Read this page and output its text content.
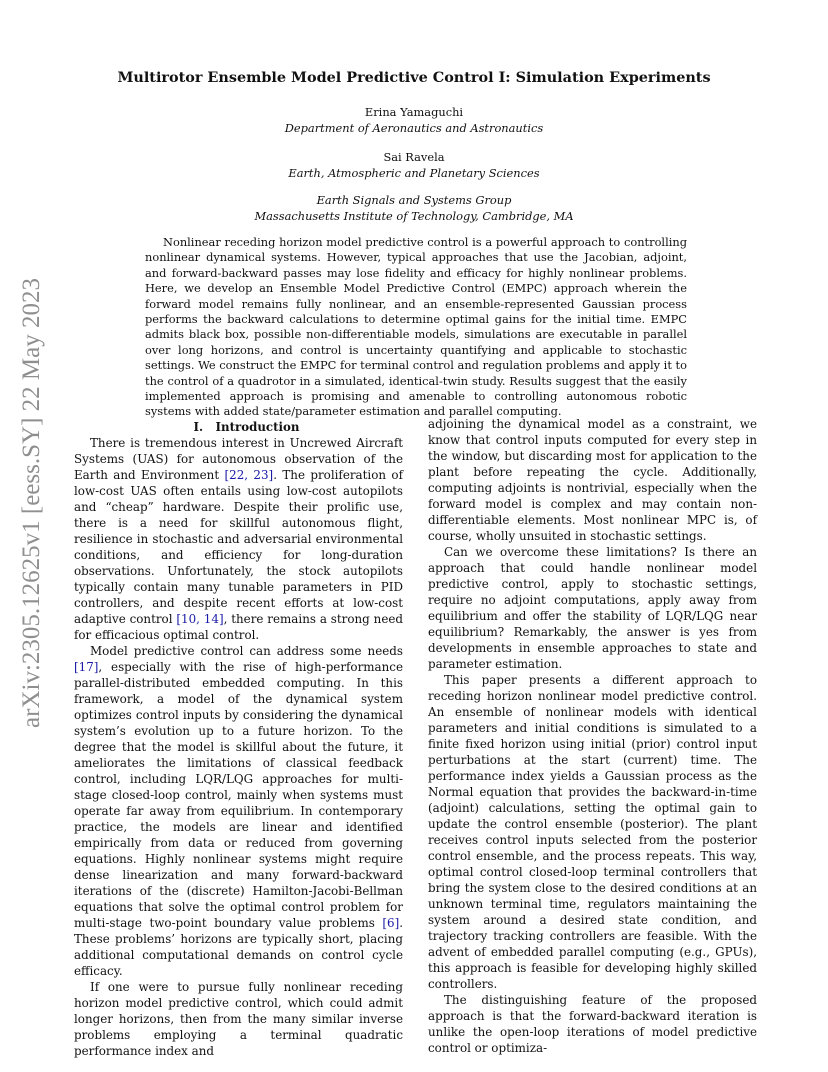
arXiv:2305.12625v1 [eess.SY] 22 May 2023
Multirotor Ensemble Model Predictive Control I: Simulation Experiments
Erina Yamaguchi
Department of Aeronautics and Astronautics
Sai Ravela
Earth, Atmospheric and Planetary Sciences
Earth Signals and Systems Group
Massachusetts Institute of Technology, Cambridge, MA

Nonlinear receding horizon model predictive control is a powerful approach to controlling nonlinear dynamical systems. However, typical approaches that use the Jacobian, adjoint, and forward-backward passes may lose fidelity and efficacy for highly nonlinear problems. Here, we develop an Ensemble Model Predictive Control (EMPC) approach wherein the forward model remains fully nonlinear, and an ensemble-represented Gaussian process performs the backward calculations to determine optimal gains for the initial time. EMPC admits black box, possible non-differentiable models, simulations are executable in parallel over long horizons, and control is uncertainty quantifying and applicable to stochastic settings. We construct the EMPC for terminal control and regulation problems and apply it to the control of a quadrotor in a simulated, identical-twin study. Results suggest that the easily implemented approach is promising and amenable to controlling autonomous robotic systems with added state/parameter estimation and parallel computing.

I. Introduction

There is tremendous interest in Uncrewed Aircraft Systems (UAS) for autonomous observation of the Earth and Environment [22, 23]. The proliferation of low-cost UAS often entails using low-cost autopilots and “cheap” hardware. Despite their prolific use, there is a need for skillful autonomous flight, resilience in stochastic and adversarial environmental conditions, and efficiency for long-duration observations. Unfortunately, the stock autopilots typically contain many tunable parameters in PID controllers, and despite recent efforts at low-cost adaptive control [10, 14], there remains a strong need for efficacious optimal control.

Model predictive control can address some needs [17], especially with the rise of high-performance parallel-distributed embedded computing. In this framework, a model of the dynamical system optimizes control inputs by considering the dynamical system’s evolution up to a future horizon. To the degree that the model is skillful about the future, it ameliorates the limitations of classical feedback control, including LQR/LQG approaches for multi-stage closed-loop control, mainly when systems must operate far away from equilibrium. In contemporary practice, the models are linear and identified empirically from data or reduced from governing equations. Highly nonlinear systems might require dense linearization and many forward-backward iterations of the (discrete) Hamilton-Jacobi-Bellman equations that solve the optimal control problem for multi-stage two-point boundary value problems [6]. These problems’ horizons are typically short, placing additional computational demands on control cycle efficacy.

If one were to pursue fully nonlinear receding horizon model predictive control, which could admit longer horizons, then from the many similar inverse problems employing a terminal quadratic performance index and

adjoining the dynamical model as a constraint, we know that control inputs computed for every step in the window, but discarding most for application to the plant before repeating the cycle. Additionally, computing adjoints is nontrivial, especially when the forward model is complex and may contain non-differentiable elements. Most nonlinear MPC is, of course, wholly unsuited in stochastic settings.

Can we overcome these limitations? Is there an approach that could handle nonlinear model predictive control, apply to stochastic settings, require no adjoint computations, apply away from equilibrium and offer the stability of LQR/LQG near equilibrium? Remarkably, the answer is yes from developments in ensemble approaches to state and parameter estimation.

This paper presents a different approach to receding horizon nonlinear model predictive control. An ensemble of nonlinear models with identical parameters and initial conditions is simulated to a finite fixed horizon using initial (prior) control input perturbations at the start (current) time. The performance index yields a Gaussian process as the Normal equation that provides the backward-in-time (adjoint) calculations, setting the optimal gain to update the control ensemble (posterior). The plant receives control inputs selected from the posterior control ensemble, and the process repeats. This way, optimal control closed-loop terminal controllers that bring the system close to the desired conditions at an unknown terminal time, regulators maintaining the system around a desired state condition, and trajectory tracking controllers are feasible. With the advent of embedded parallel computing (e.g., GPUs), this approach is feasible for developing highly skilled controllers.

The distinguishing feature of the proposed approach is that the forward-backward iteration is unlike the open-loop iterations of model predictive control or optimiza-
